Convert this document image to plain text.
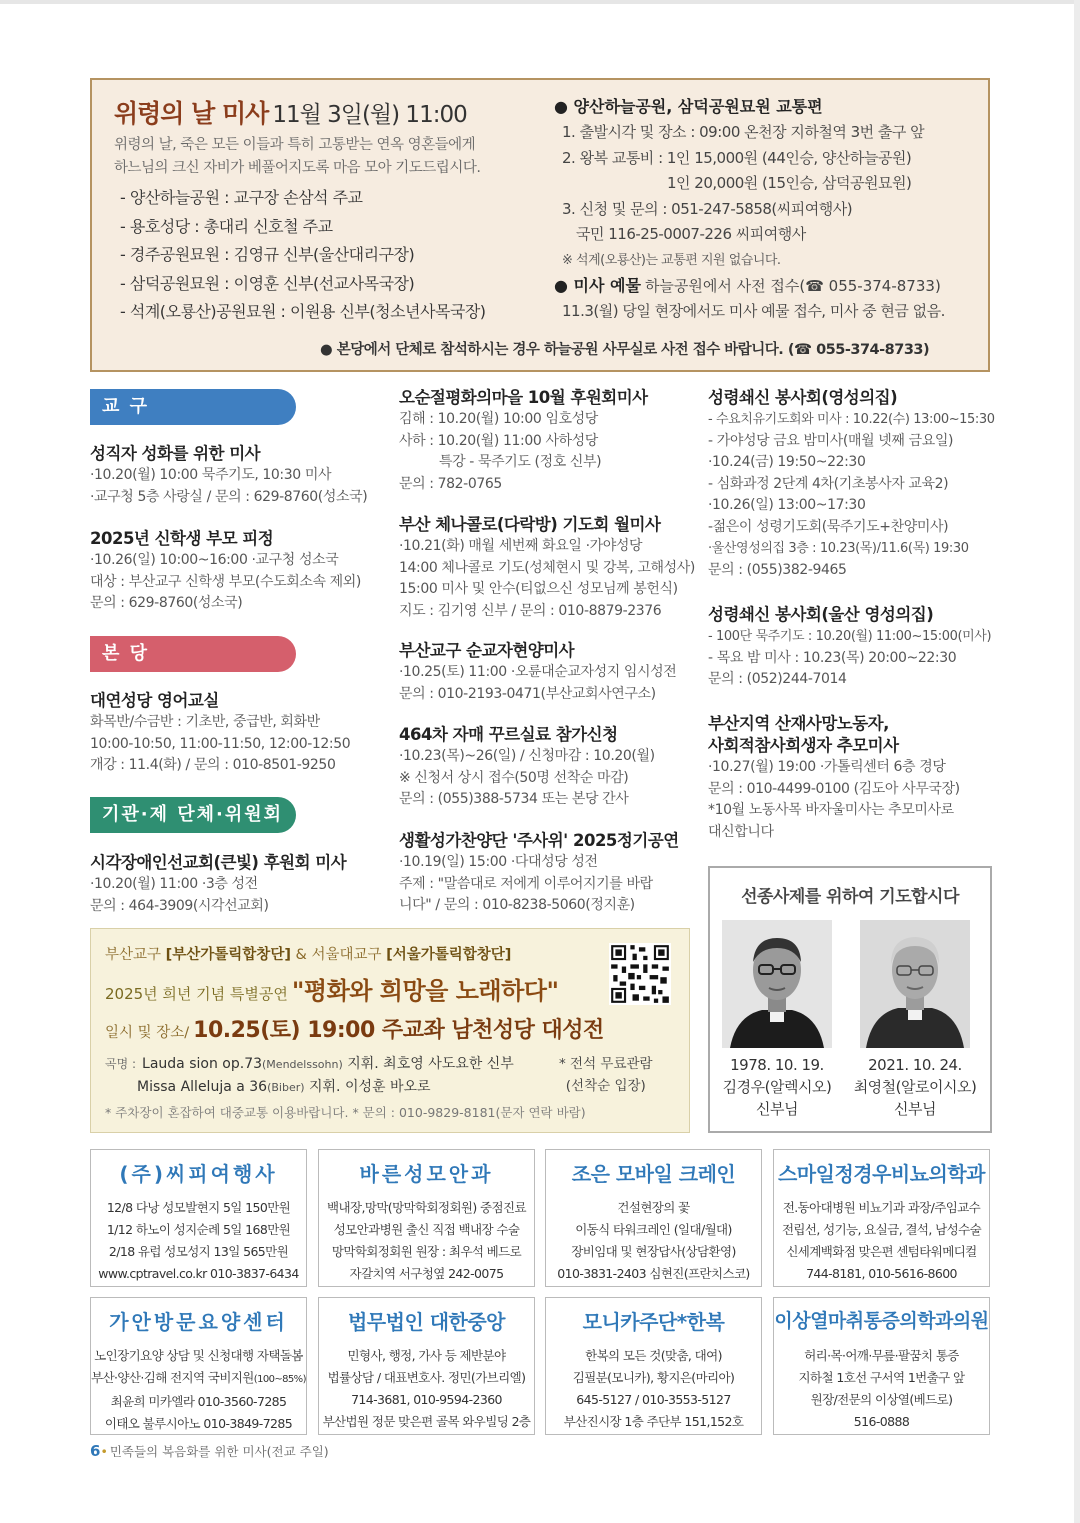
위령의 날 미사 11월 3일(월) 11:00
위령의 날, 죽은 모든 이들과 특히 고통받는 연옥 영혼들에게
하느님의 크신 자비가 베풀어지도록 마음 모아 기도드립시다.
- 양산하늘공원 : 교구장 손삼석 주교
- 용호성당 : 총대리 신호철 주교
- 경주공원묘원 : 김영규 신부(울산대리구장)
- 삼덕공원묘원 : 이영훈 신부(선교사목국장)
- 석계(오룡산)공원묘원 : 이원용 신부(청소년사목국장)
● 양산하늘공원, 삼덕공원묘원 교통편
1. 출발시각 및 장소 : 09:00 온천장 지하철역 3번 출구 앞
2. 왕복 교통비 : 1인 15,000원 (44인승, 양산하늘공원)
1인 20,000원 (15인승, 삼덕공원묘원)
3. 신청 및 문의 : 051-247-5858(씨피여행사)
국민 116-25-0007-226 씨피여행사
※ 석계(오룡산)는 교통편 지원 없습니다.
● 미사 예물 하늘공원에서 사전 접수(☎ 055-374-8733)
11.3(월) 당일 현장에서도 미사 예물 접수, 미사 중 현금 없음.
● 본당에서 단체로 참석하시는 경우 하늘공원 사무실로 사전 접수 바랍니다. (☎ 055-374-8733)
교 구
성직자 성화를 위한 미사
·10.20(월) 10:00 묵주기도, 10:30 미사
·교구청 5층 사랑실 / 문의 : 629-8760(성소국)
2025년 신학생 부모 피정
·10.26(일) 10:00~16:00 ·교구청 성소국
대상 : 부산교구 신학생 부모(수도회소속 제외)
문의 : 629-8760(성소국)
본 당
대연성당 영어교실
화목반/수금반 : 기초반, 중급반, 회화반
10:00-10:50, 11:00-11:50, 12:00-12:50
개강 : 11.4(화) / 문의 : 010-8501-9250
기관·제 단체·위원회
시각장애인선교회(큰빛) 후원회 미사
·10.20(월) 11:00 ·3층 성전
문의 : 464-3909(시각선교회)
오순절평화의마을 10월 후원회미사
김해 : 10.20(월) 10:00 임호성당
사하 : 10.20(월) 11:00 사하성당
특강 - 묵주기도 (정호 신부)
문의 : 782-0765
부산 체나콜로(다락방) 기도회 월미사
·10.21(화) 매월 세번째 화요일 ·가야성당
14:00 체나콜로 기도(성체현시 및 강복, 고해성사)
15:00 미사 및 안수(티없으신 성모님께 봉헌식)
지도 : 김기영 신부 / 문의 : 010-8879-2376
부산교구 순교자현양미사
·10.25(토) 11:00 ·오륜대순교자성지 임시성전
문의 : 010-2193-0471(부산교회사연구소)
464차 자매 꾸르실료 참가신청
·10.23(목)~26(일) / 신청마감 : 10.20(월)
※ 신청서 상시 접수(50명 선착순 마감)
문의 : (055)388-5734 또는 본당 간사
생활성가찬양단 '주사위' 2025정기공연
·10.19(일) 15:00 ·다대성당 성전
주제 : "말씀대로 저에게 이루어지기를 바랍
니다" / 문의 : 010-8238-5060(정지훈)
성령쇄신 봉사회(영성의집)
- 수요치유기도회와 미사 : 10.22(수) 13:00~15:30
- 가야성당 금요 밤미사(매월 넷째 금요일)
·10.24(금) 19:50~22:30
- 심화과정 2단계 4차(기초봉사자 교육2)
·10.26(일) 13:00~17:30
-젊은이 성령기도회(묵주기도+찬양미사)
·울산영성의집 3층 : 10.23(목)/11.6(목) 19:30
문의 : (055)382-9465
성령쇄신 봉사회(울산 영성의집)
- 100단 묵주기도 : 10.20(월) 11:00~15:00(미사)
- 목요 밤 미사 : 10.23(목) 20:00~22:30
문의 : (052)244-7014
부산지역 산재사망노동자,
사회적참사희생자 추모미사
·10.27(월) 19:00 ·가톨릭센터 6층 경당
문의 : 010-4499-0100 (김도아 사무국장)
*10월 노동사목 바자울미사는 추모미사로
대신합니다
부산교구 [부산가톨릭합창단] & 서울대교구 [서울가톨릭합창단]
2025년 희년 기념 특별공연 "평화와 희망을 노래하다"
일시 및 장소/ 10.25(토) 19:00 주교좌 남천성당 대성전
곡명 : Lauda sion op.73(Mendelssohn) 지휘. 최호영 사도요한 신부
Missa Alleluja a 36(Biber) 지휘. 이성훈 바오로
* 전석 무료관람
(선착순 입장)
* 주차장이 혼잡하여 대중교통 이용바랍니다. * 문의 : 010-9829-8181(문자 연락 바람)
선종사제를 위하여 기도합시다
1978. 10. 19.
김경우(알렉시오)
신부님
2021. 10. 24.
최영철(알로이시오)
신부님
(주)씨피여행사
12/8 다낭 성모발현지 5일 150만원
1/12 하노이 성지순례 5일 168만원
2/18 유럽 성모성지 13일 565만원
www.cptravel.co.kr 010-3837-6434
바른성모안과
백내장,망막(망막학회정회원) 중점진료
성모안과병원 출신 직접 백내장 수술
망막학회정회원 원장 : 최우석 베드로
자갈치역 서구청옆 242-0075
조은 모바일 크레인
건설현장의 꽃
이동식 타워크레인 (일대/월대)
장비임대 및 현장답사(상담환영)
010-3831-2403 심현진(프란치스코)
스마일정경우비뇨의학과
전.동아대병원 비뇨기과 과장/주임교수
전립선, 성기능, 요실금, 결석, 남성수술
신세계백화점 맞은편 센텀타워메디컬
744-8181, 010-5616-8600
가안방문요양센터
노인장기요양 상담 및 신청대행 자택돌봄
부산·양산·김해 전지역 국비지원(100~85%)
최윤희 미카엘라 010-3560-7285
이태오 불루시아노 010-3849-7285
법무법인 대한중앙
민형사, 행정, 가사 등 제반분야
법률상담 / 대표변호사. 정민(가브리엘)
714-3681, 010-9594-2360
부산법원 정문 맞은편 골목 와우빌딩 2층
모니카주단*한복
한복의 모든 것(맞춤, 대여)
김필분(모니카), 황지은(마리아)
645-5127 / 010-3553-5127
부산진시장 1층 주단부 151,152호
이상열마취통증의학과의원
허리·목·어깨·무릎·팔꿈치 통증
지하철 1호선 구서역 1번출구 앞
원장/전문의 이상열(베드로)
516-0888
6• 민족들의 복음화를 위한 미사(전교 주일)
